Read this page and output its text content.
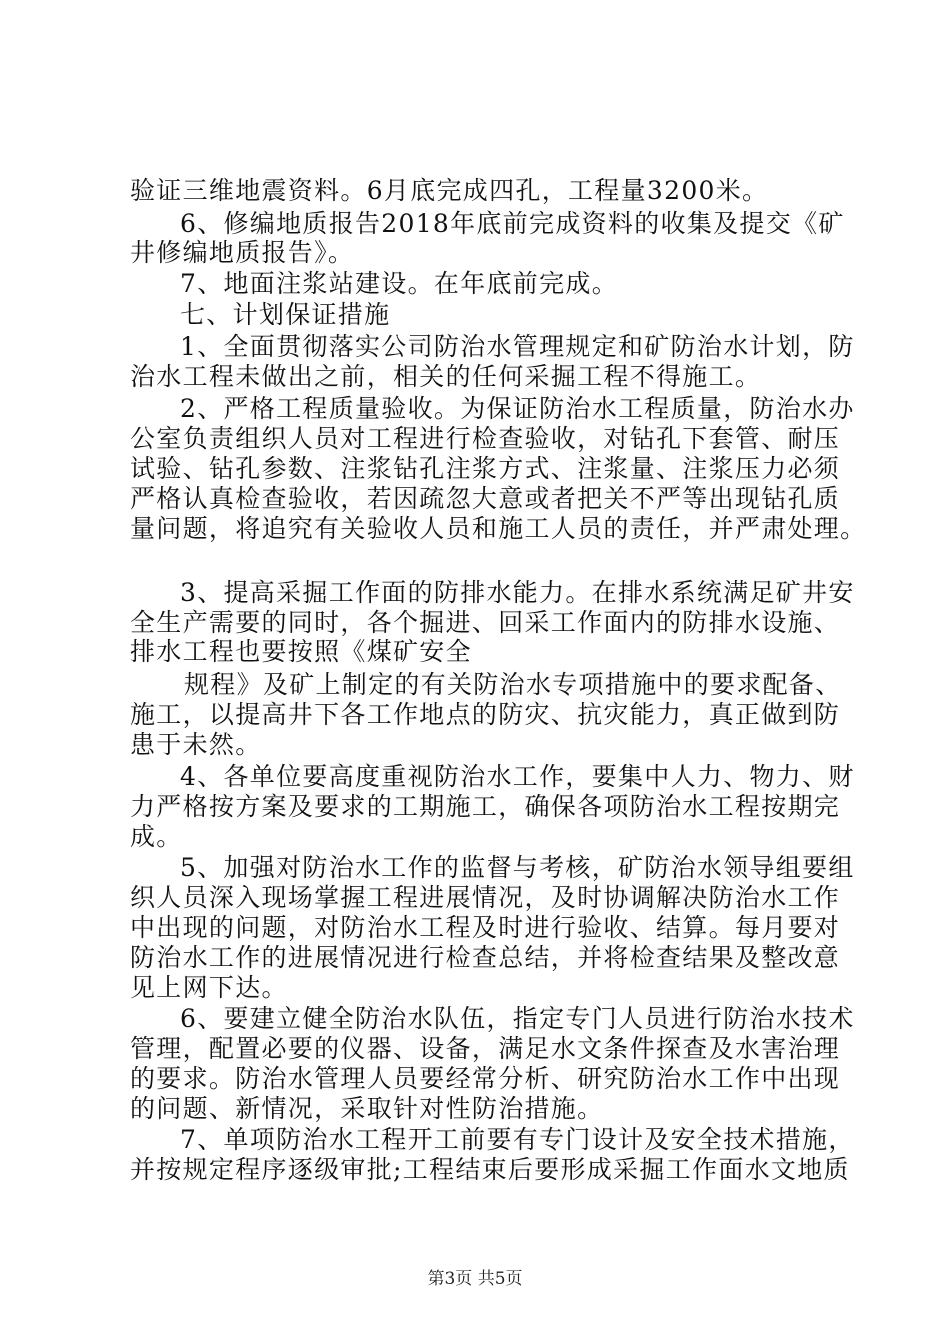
验证三维地震资料。6月底完成四孔，工程量3200米。
6、修编地质报告2018年底前完成资料的收集及提交《矿
井修编地质报告》。
7、地面注浆站建设。在年底前完成。
七、计划保证措施
1、全面贯彻落实公司防治水管理规定和矿防治水计划，防
治水工程未做出之前，相关的任何采掘工程不得施工。
2、严格工程质量验收。为保证防治水工程质量，防治水办
公室负责组织人员对工程进行检查验收，对钻孔下套管、耐压
试验、钻孔参数、注浆钻孔注浆方式、注浆量、注浆压力必须
严格认真检查验收，若因疏忽大意或者把关不严等出现钻孔质
量问题，将追究有关验收人员和施工人员的责任，并严肃处理。
3、提高采掘工作面的防排水能力。在排水系统满足矿井安
全生产需要的同时，各个掘进、回采工作面内的防排水设施、
排水工程也要按照《煤矿安全
规程》及矿上制定的有关防治水专项措施中的要求配备、
施工，以提高井下各工作地点的防灾、抗灾能力，真正做到防
患于未然。
4、各单位要高度重视防治水工作，要集中人力、物力、财
力严格按方案及要求的工期施工，确保各项防治水工程按期完
成。
5、加强对防治水工作的监督与考核，矿防治水领导组要组
织人员深入现场掌握工程进展情况，及时协调解决防治水工作
中出现的问题，对防治水工程及时进行验收、结算。每月要对
防治水工作的进展情况进行检查总结，并将检查结果及整改意
见上网下达。
6、要建立健全防治水队伍，指定专门人员进行防治水技术
管理，配置必要的仪器、设备，满足水文条件探查及水害治理
的要求。防治水管理人员要经常分析、研究防治水工作中出现
的问题、新情况，采取针对性防治措施。
7、单项防治水工程开工前要有专门设计及安全技术措施，
并按规定程序逐级审批;工程结束后要形成采掘工作面水文地质
第3页 共5页
